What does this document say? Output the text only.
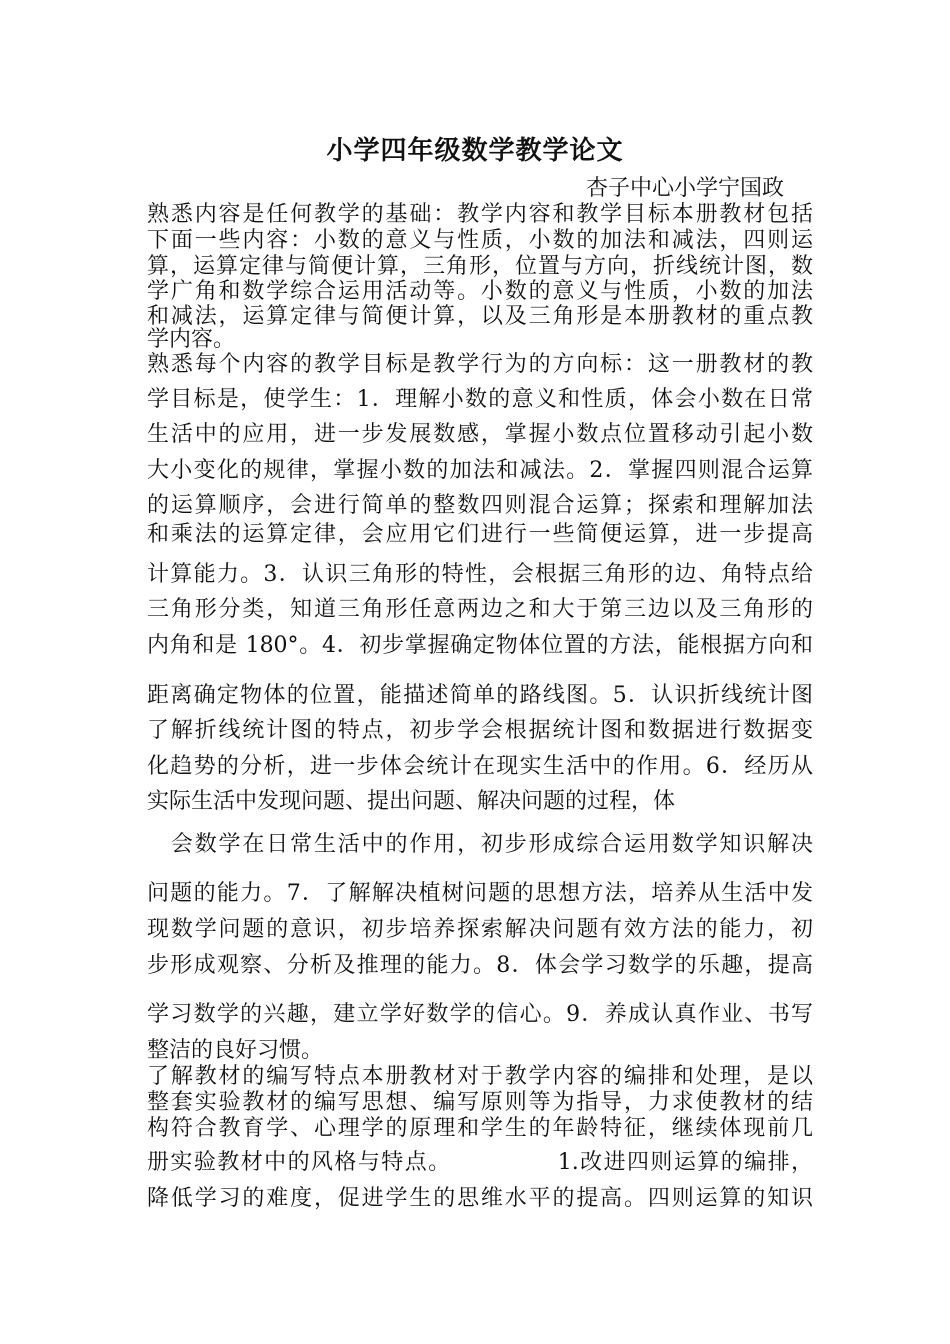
小学四年级数学教学论文
杏子中心小学宁国政
熟悉内容是任何教学的基础：教学内容和教学目标本册教材包括
下面一些内容：小数的意义与性质，小数的加法和减法，四则运
算，运算定律与简便计算，三角形，位置与方向，折线统计图，数
学广角和数学综合运用活动等。小数的意义与性质，小数的加法
和减法，运算定律与简便计算，以及三角形是本册教材的重点教
学内容。
熟悉每个内容的教学目标是教学行为的方向标：这一册教材的教
学目标是，使学生：1．理解小数的意义和性质，体会小数在日常
生活中的应用，进一步发展数感，掌握小数点位置移动引起小数
大小变化的规律，掌握小数的加法和减法。2．掌握四则混合运算
的运算顺序，会进行简单的整数四则混合运算；探索和理解加法
和乘法的运算定律，会应用它们进行一些简便运算，进一步提高
计算能力。3．认识三角形的特性，会根据三角形的边、角特点给
三角形分类，知道三角形任意两边之和大于第三边以及三角形的
内角和是 180°。4．初步掌握确定物体位置的方法，能根据方向和
距离确定物体的位置，能描述简单的路线图。5．认识折线统计图
了解折线统计图的特点，初步学会根据统计图和数据进行数据变
化趋势的分析，进一步体会统计在现实生活中的作用。6．经历从
实际生活中发现问题、提出问题、解决问题的过程，体
　会数学在日常生活中的作用，初步形成综合运用数学知识解决
问题的能力。7．了解解决植树问题的思想方法，培养从生活中发
现数学问题的意识，初步培养探索解决问题有效方法的能力，初
步形成观察、分析及推理的能力。8．体会学习数学的乐趣，提高
学习数学的兴趣，建立学好数学的信心。9．养成认真作业、书写
整洁的良好习惯。
了解教材的编写特点本册教材对于教学内容的编排和处理，是以
整套实验教材的编写思想、编写原则等为指导，力求使教材的结
构符合教育学、心理学的原理和学生的年龄特征，继续体现前几
册实验教材中的风格与特点。　　　　　1.改进四则运算的编排，
降低学习的难度，促进学生的思维水平的提高。四则运算的知识
